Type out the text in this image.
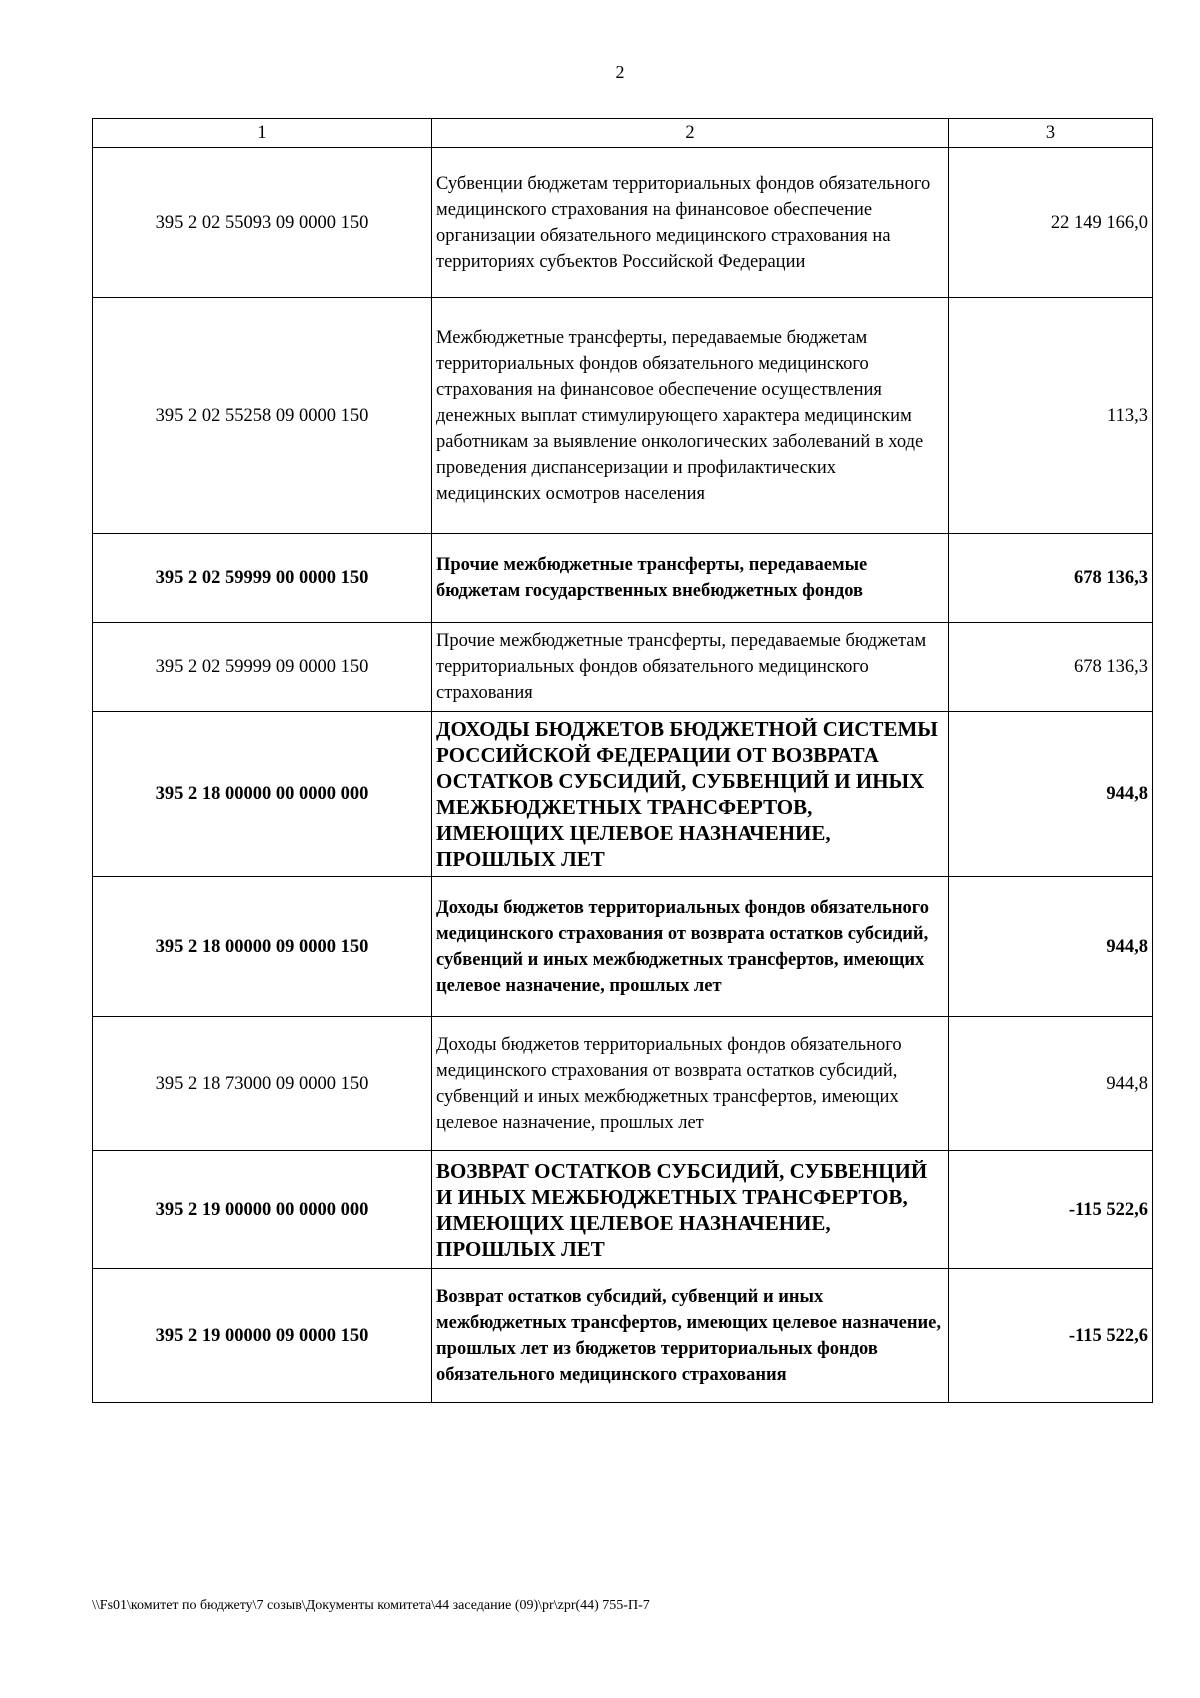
2
1	2	3
395 2 02 55093 09 0000 150	Субвенции бюджетам территориальных фондов обязательного медицинского страхования на финансовое обеспечение организации обязательного медицинского страхования на территориях субъектов Российской Федерации	22 149 166,0
395 2 02 55258 09 0000 150	Межбюджетные трансферты, передаваемые бюджетам территориальных фондов обязательного медицинского страхования на финансовое обеспечение осуществления денежных выплат стимулирующего характера медицинским работникам за выявление онкологических заболеваний в ходе проведения диспансеризации и профилактических медицинских осмотров населения	113,3
395 2 02 59999 00 0000 150	Прочие межбюджетные трансферты, передаваемые бюджетам государственных внебюджетных фондов	678 136,3
395 2 02 59999 09 0000 150	Прочие межбюджетные трансферты, передаваемые бюджетам территориальных фондов обязательного медицинского страхования	678 136,3
395 2 18 00000 00 0000 000	ДОХОДЫ БЮДЖЕТОВ БЮДЖЕТНОЙ СИСТЕМЫ РОССИЙСКОЙ ФЕДЕРАЦИИ ОТ ВОЗВРАТА ОСТАТКОВ СУБСИДИЙ, СУБВЕНЦИЙ И ИНЫХ МЕЖБЮДЖЕТНЫХ ТРАНСФЕРТОВ, ИМЕЮЩИХ ЦЕЛЕВОЕ НАЗНАЧЕНИЕ, ПРОШЛЫХ ЛЕТ	944,8
395 2 18 00000 09 0000 150	Доходы бюджетов территориальных фондов обязательного медицинского страхования от возврата остатков субсидий, субвенций и иных межбюджетных трансфертов, имеющих целевое назначение, прошлых лет	944,8
395 2 18 73000 09 0000 150	Доходы бюджетов территориальных фондов обязательного медицинского страхования от возврата остатков субсидий, субвенций и иных межбюджетных трансфертов, имеющих целевое назначение, прошлых лет	944,8
395 2 19 00000 00 0000 000	ВОЗВРАТ ОСТАТКОВ СУБСИДИЙ, СУБВЕНЦИЙ И ИНЫХ МЕЖБЮДЖЕТНЫХ ТРАНСФЕРТОВ, ИМЕЮЩИХ ЦЕЛЕВОЕ НАЗНАЧЕНИЕ, ПРОШЛЫХ ЛЕТ	-115 522,6
395 2 19 00000 09 0000 150	Возврат остатков субсидий, субвенций и иных межбюджетных трансфертов, имеющих целевое назначение, прошлых лет из бюджетов территориальных фондов обязательного медицинского страхования	-115 522,6
\\Fs01\комитет по бюджету\7 созыв\Документы комитета\44 заседание (09)\pr\zpr(44) 755-П-7
